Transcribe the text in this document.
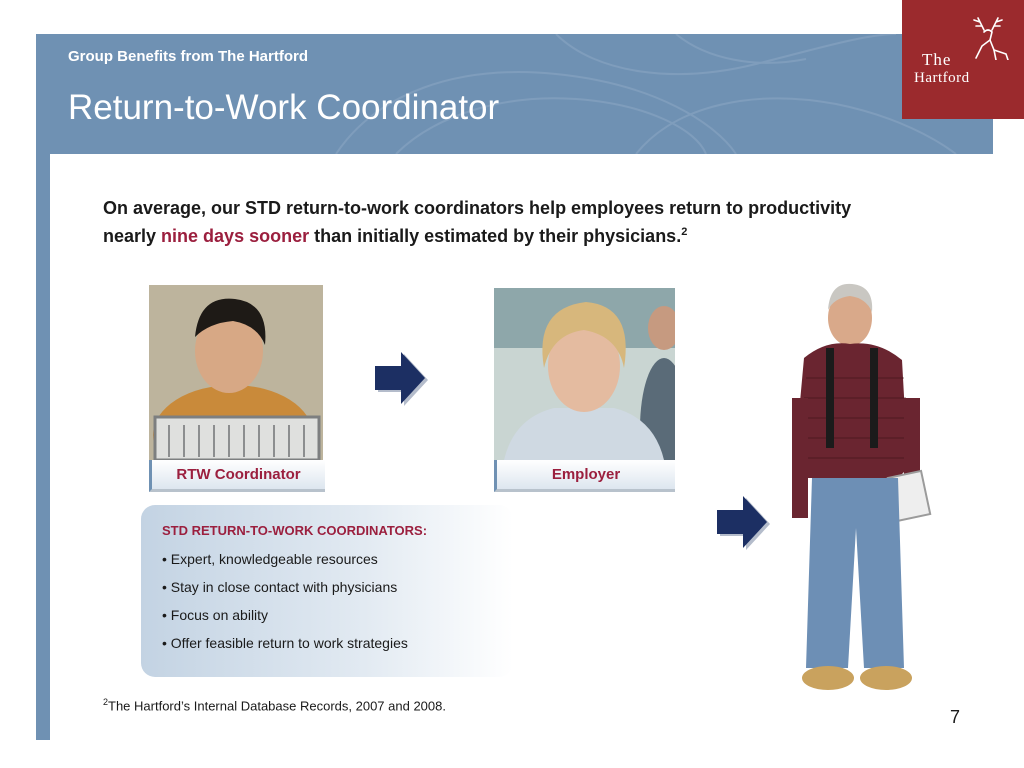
Group Benefits from The Hartford
Return-to-Work Coordinator
The
Hartford
On average, our STD return-to-work coordinators help employees return to productivity nearly nine days sooner than initially estimated by their physicians.$^2$
RTW Coordinator	Employer
STD RETURN-TO-WORK COORDINATORS:
• Expert, knowledgeable resources
• Stay in close contact with physicians
• Focus on ability
• Offer feasible return to work strategies
$^2$The Hartford’s Internal Database Records, 2007 and 2008.
7
